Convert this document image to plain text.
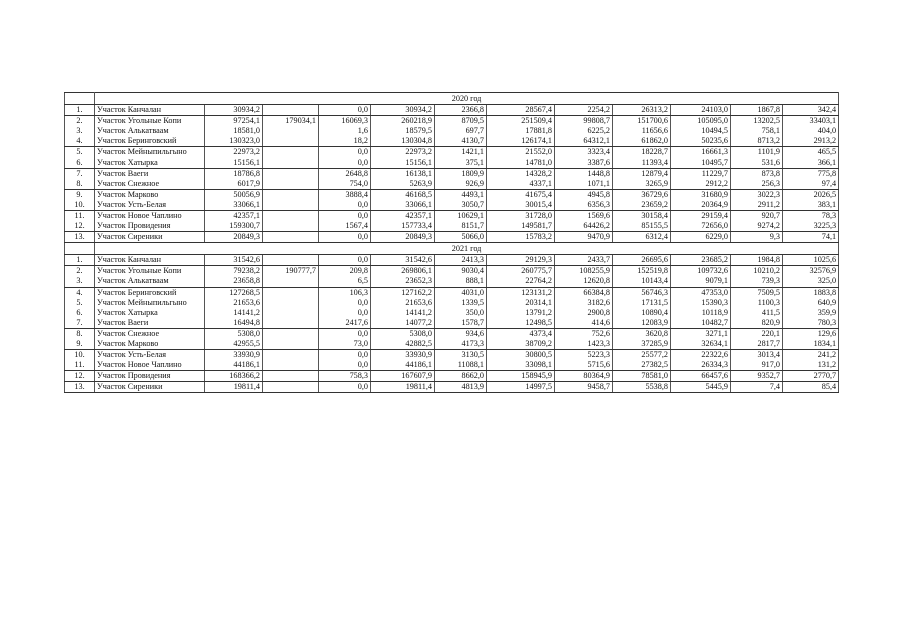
	2020 год											
1.	Участок Канчалан	30934,2		0,0	30934,2	2366,8	28567,4	2254,2	26313,2	24103,0	1867,8	342,4
2.	Участок Угольные Копи	97254,1	179034,1	16069,3	260218,9	8709,5	251509,4	99808,7	151700,6	105095,0	13202,5	33403,1
3.	Участок Алькатваам	18581,0		1,6	18579,5	697,7	17881,8	6225,2	11656,6	10494,5	758,1	404,0
4.	Участок Беринговский	130323,0		18,2	130304,8	4130,7	126174,1	64312,1	61862,0	50235,6	8713,2	2913,2
5.	Участок Мейныпильгыно	22973,2		0,0	22973,2	1421,1	21552,0	3323,4	18228,7	16661,3	1101,9	465,5
6.	Участок Хатырка	15156,1		0,0	15156,1	375,1	14781,0	3387,6	11393,4	10495,7	531,6	366,1
7.	Участок Ваеги	18786,8		2648,8	16138,1	1809,9	14328,2	1448,8	12879,4	11229,7	873,8	775,8
8.	Участок Снежное	6017,9		754,0	5263,9	926,9	4337,1	1071,1	3265,9	2912,2	256,3	97,4
9.	Участок Марково	50056,9		3888,4	46168,5	4493,1	41675,4	4945,8	36729,6	31680,9	3022,3	2026,5
10.	Участок Усть-Белая	33066,1		0,0	33066,1	3050,7	30015,4	6356,3	23659,2	20364,9	2911,2	383,1
11.	Участок Новое Чаплино	42357,1		0,0	42357,1	10629,1	31728,0	1569,6	30158,4	29159,4	920,7	78,3
12.	Участок Провидения	159300,7		1567,4	157733,4	8151,7	149581,7	64426,2	85155,5	72656,0	9274,2	3225,3
13.	Участок Сиреники	20849,3		0,0	20849,3	5066,0	15783,2	9470,9	6312,4	6229,0	9,3	74,1
	2021 год											
1.	Участок Канчалан	31542,6		0,0	31542,6	2413,3	29129,3	2433,7	26695,6	23685,2	1984,8	1025,6
2.	Участок Угольные Копи	79238,2	190777,7	209,8	269806,1	9030,4	260775,7	108255,9	152519,8	109732,6	10210,2	32576,9
3.	Участок Алькатваам	23658,8		6,5	23652,3	888,1	22764,2	12620,8	10143,4	9079,1	739,3	325,0
4.	Участок Беринговский	127268,5		106,3	127162,2	4031,0	123131,2	66384,8	56746,3	47353,0	7509,5	1883,8
5.	Участок Мейныпильгыно	21653,6		0,0	21653,6	1339,5	20314,1	3182,6	17131,5	15390,3	1100,3	640,9
6.	Участок Хатырка	14141,2		0,0	14141,2	350,0	13791,2	2900,8	10890,4	10118,9	411,5	359,9
7.	Участок Ваеги	16494,8		2417,6	14077,2	1578,7	12498,5	414,6	12083,9	10482,7	820,9	780,3
8.	Участок Снежное	5308,0		0,0	5308,0	934,6	4373,4	752,6	3620,8	3271,1	220,1	129,6
9.	Участок Марково	42955,5		73,0	42882,5	4173,3	38709,2	1423,3	37285,9	32634,1	2817,7	1834,1
10.	Участок Усть-Белая	33930,9		0,0	33930,9	3130,5	30800,5	5223,3	25577,2	22322,6	3013,4	241,2
11.	Участок Новое Чаплино	44186,1		0,0	44186,1	11088,1	33098,1	5715,6	27382,5	26334,3	917,0	131,2
12.	Участок Провидения	168366,2		758,3	167607,9	8662,0	158945,9	80364,9	78581,0	66457,6	9352,7	2770,7
13.	Участок Сиреники	19811,4		0,0	19811,4	4813,9	14997,5	9458,7	5538,8	5445,9	7,4	85,4
